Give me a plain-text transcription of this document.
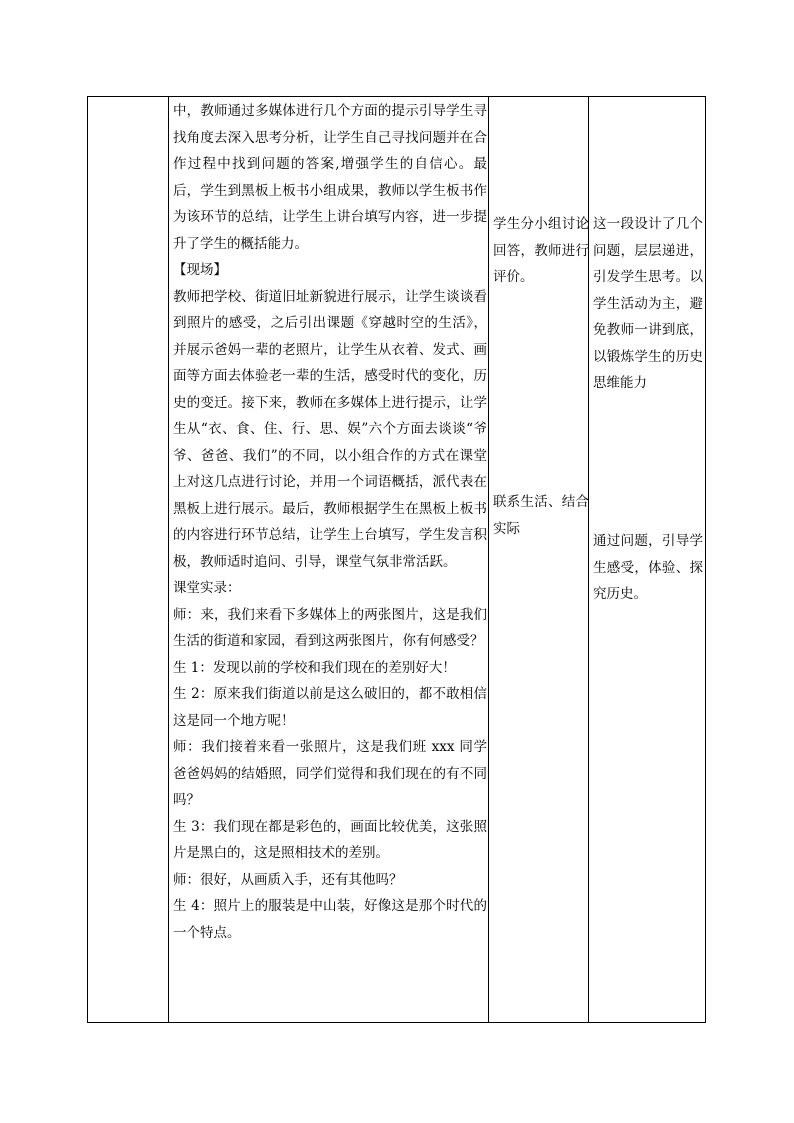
中，教师通过多媒体进行几个方面的提示引导学生寻找角度去深入思考分析，让学生自己寻找问题并在合作过程中找到问题的答案,增强学生的自信心。最后，学生到黑板上板书小组成果，教师以学生板书作为该环节的总结，让学生上讲台填写内容，进一步提升了学生的概括能力。

【现场】

教师把学校、街道旧址新貌进行展示，让学生谈谈看到照片的感受，之后引出课题《穿越时空的生活》，并展示爸妈一辈的老照片，让学生从衣着、发式、画面等方面去体验老一辈的生活，感受时代的变化，历史的变迁。接下来，教师在多媒体上进行提示，让学生从“衣、食、住、行、思、娱”六个方面去谈谈“爷爷、爸爸、我们”的不同，以小组合作的方式在课堂上对这几点进行讨论，并用一个词语概括，派代表在黑板上进行展示。最后，教师根据学生在黑板上板书的内容进行环节总结，让学生上台填写，学生发言积极，教师适时追问、引导，课堂气氛非常活跃。

课堂实录：

师：来，我们来看下多媒体上的两张图片，这是我们生活的街道和家园，看到这两张图片，你有何感受？

生 1：发现以前的学校和我们现在的差别好大！

生 2：原来我们街道以前是这么破旧的，都不敢相信这是同一个地方呢！

师：我们接着来看一张照片，这是我们班 xxx 同学爸爸妈妈的结婚照，同学们觉得和我们现在的有不同吗？

生 3：我们现在都是彩色的，画面比较优美，这张照片是黑白的，这是照相技术的差别。

师：很好，从画质入手，还有其他吗？

生 4：照片上的服装是中山装，好像这是那个时代的一个特点。

学生分小组讨论回答，教师进行评价。

联系生活、结合实际

这一段设计了几个问题，层层递进，引发学生思考。以学生活动为主，避免教师一讲到底，以锻炼学生的历史思维能力

通过问题，引导学生感受，体验、探究历史。
